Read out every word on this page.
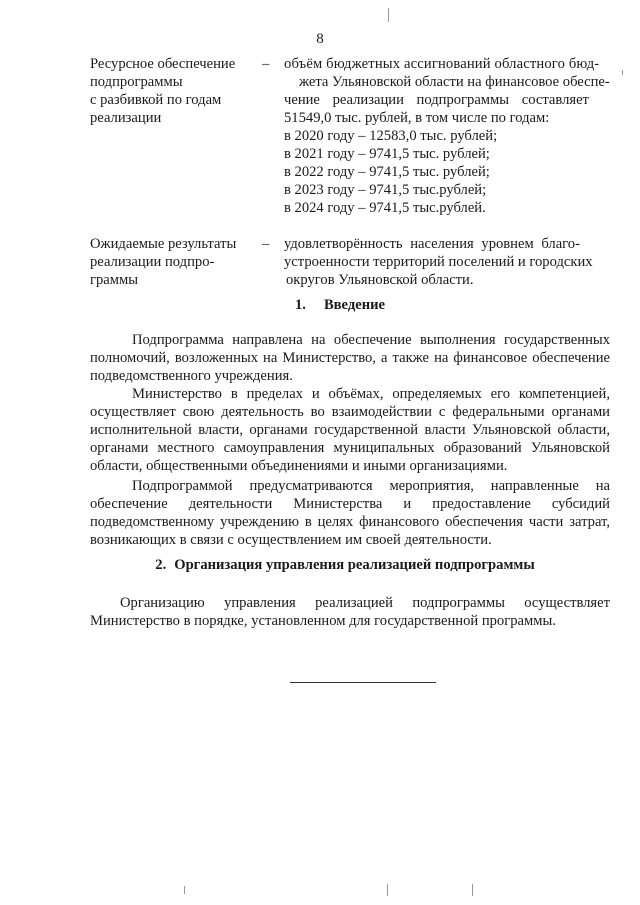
8
Ресурсное обеспечение
подпрограммы
с разбивкой по годам
реализации
–	объём бюджетных ассигнований областного бюд-
жета Ульяновской области на финансовое обеспе-
чение реализации подпрограммы составляет
51549,0 тыс. рублей, в том числе по годам:
в 2020 году – 12583,0 тыс. рублей;
в 2021 году – 9741,5 тыс. рублей;
в 2022 году – 9741,5 тыс. рублей;
в 2023 году – 9741,5 тыс.рублей;
в 2024 году – 9741,5 тыс.рублей.
Ожидаемые результаты
реализации подпро-
граммы
–	удовлетворённость населения уровнем благо-
устроенности территорий поселений и городских
округов Ульяновской области.
1. Введение

Подпрограмма направлена на обеспечение выполнения государственных полномочий, возложенных на Министерство, а также на финансовое обеспечение подведомственного учреждения.

Министерство в пределах и объёмах, определяемых его компетенцией, осуществляет свою деятельность во взаимодействии с федеральными органами исполнительной власти, органами государственной власти Ульяновской области, органами местного самоуправления муниципальных образований Ульяновской области, общественными объединениями и иными организациями.

Подпрограммой предусматриваются мероприятия, направленные на обеспечение деятельности Министерства и предоставление субсидий подведомственному учреждению в целях финансового обеспечения части затрат, возникающих в связи с осуществлением им своей деятельности.

2. Организация управления реализацией подпрограммы

Организацию управления реализацией подпрограммы осуществляет Министерство в порядке, установленном для государственной программы.
